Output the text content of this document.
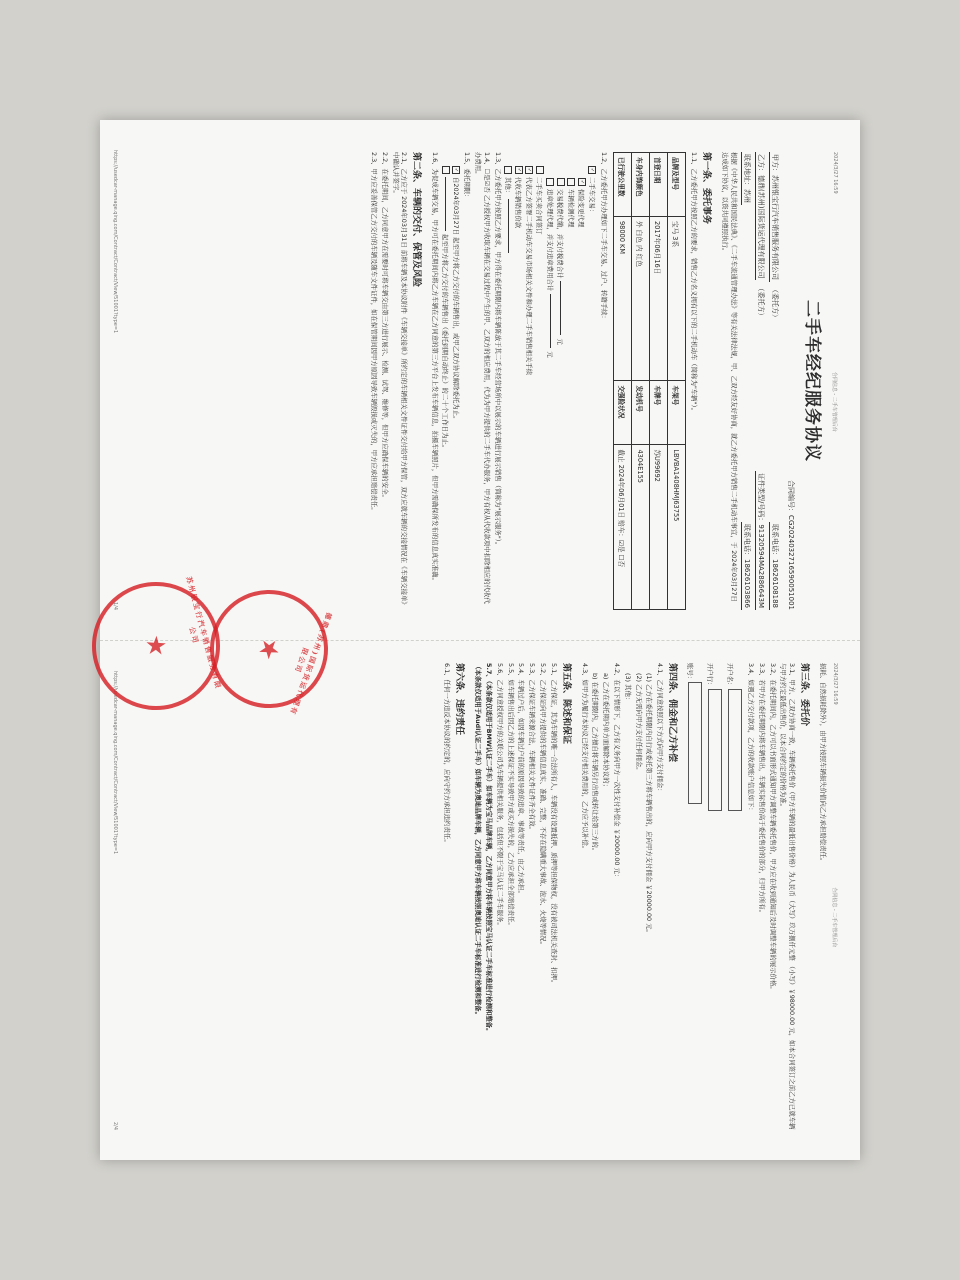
2024/3/27 16:59
合同信息 - 二手车管理后台
二手车经纪服务协议
合同编号：CG2024032716590051001
甲方：苏州银宝行汽车销售服务有限公司
（委托方）
联系电话：18626108188
乙方：德鼎(苏州)国际货运代理有限公司
（委托方）
证件类型/号码：91320594MA2886643M
联系地址：苏州
联系电话：18626103866

根据《中华人民共和国民法典》、《二手车流通管理办法》等有关法律法规，甲、乙双方经友好协商，就乙方委托甲方销售二手机动车事宜，于 2024年03月27日 达成如下协议，以资共同遵照执行。

第一条、委托事务

1.1、乙方委托甲方按照乙方的要求，销售乙方名义拥有以下的二手机动车（简称为"车辆"）。

品牌及型号	宝马 3系	车架号	LBVBA1408HMJ63755
首登日期	2017年06月16日	车牌号	苏U99692
车身内饰颜色	外 白色 内 红色	发动机号	4304E155
已行驶公里数	98000 KM	交强险状况	截止 2024年06月01日 赔车：☑是 ☐否

1.2、乙方委托甲方办理如下二手车交易、过户、转籍手续：

✓
二手车交易：
✓
保险变更代理
车辆检测代理
交易税费代缴，并支付税费合计
元
违章处理代理，并支付违章费用合计
元
二手车买卖合同签订
✓
代表乙方签署二手机动车交易市场相关文件和办理二手车销售相关手续
✓
代收车辆销售价款
其他：

1.3、乙方委托甲方按照乙方要求，甲方得在委托期限内将车辆陈放于其二手车经营场所中以展示的车辆进行展示销售（简称为"展示服务"）。

1.4、☐是☑否 乙方授权甲方收取车辆在交易过程中产生的甲、乙双方的相应费用，代为为甲方提供的二手车代办服务，甲方有权从代收款项中扣除相应的代收代办费用。

1.5、委托期限：

✓
自2024年03月27日 起至甲方将乙方交付的车辆售出，或甲乙双方协议解除委托为止。
起至甲方将乙方交付的车辆售出（委托到期自动终止）的二十个工作日为止。

1.6、为促成车辆交易，甲方可在委托期间内将乙方车辆在乙方同意的第三方平台上发布车辆信息，拍摄车辆照片，但甲方需确保所发布的信息真实准确。

第二条、车辆的交付、保管及风险

2.1、乙方应于 2024年03月31日 前将车辆及本协议附件《车辆交接单》所约定的车辆相关文件证件交付给甲方保管，双方应就车辆的交接情况在《车辆交接单》中确认并签字。

2.2、在委托期间，乙方同意甲方在需要时可将车辆交由第三方进行展示、检测、试驾、维修等，但甲方应确保车辆的安全。

2.3、甲方应妥善保管乙方交付的车辆及随车文件证件，如在保管期间因甲方原因导致车辆毁损或灭失的，甲方应承担赔偿责任。

https://usedcar-manage.qing.com/Contract/Contract/View/51001?type=1
1/4
2024/3/27 16:59
合同信息 - 二手车管理后台

损耗、自然损耗除外），由甲方按照车辆损失价值向乙方承担赔偿责任。

第三条、委托价

3.1、甲方、乙双方协商一致，车辆委托售价（甲方车辆的最低出售价格）为人民币（大写）玖万捌仟元整 （小写）￥98000.00 元，如本合同签订之前乙方已就车辆与甲方约定最低出售价，以本合同约定的价格为准。

3.2、在委托期间内，乙方可以书面形式通知甲方调整车辆委托售价，甲方应在收到通知后及时调整车辆的展示价格。

3.3、若甲方在委托期限内将车辆售出，车辆实际售价高于委托售价的部分，归甲方所有。

3.4、如遇乙方交付款项，乙方的收款账户信息如下：

开户名：
开户行：
账号：
第四条、佣金和乙方补偿

4.1、乙方同意按照以下方式向甲方支付佣金：

(1) 乙方在委托期限内自行或委托第三方将车辆售出的，应向甲方支付佣金 ￥20000.00 元。

(2) 乙方无需向甲方支付任何佣金。

(3) 其他：

4.2、在以下情形下，乙方有义务向甲方一次性支付补偿金 ￥20000.00 元：

a) 乙方在委托期内单方面解除本协议的；

b) 在委托期限内，乙方擅自将车辆另行出售或转让给第三方的。

4.3、如甲方为履行本协议已经支付相关费用的，乙方应予以补偿。

第五条、陈述和保证

5.1、乙方保证，其为车辆的唯一合法所有人，车辆没有设置抵押、质押等担保物权，没有被司法机关查封、扣押。

5.2、乙方保证向甲方提供的车辆信息真实、准确、完整，不存在隐瞒重大事故、泡水、火烧等情况。

5.3、乙方保证车辆来源合法，车辆相关文件证件齐全有效。

5.4、车辆过户后，如因车辆过户前的原因导致的违章、事故等责任，由乙方承担。

5.5、如车辆售出后因乙方的上述保证不实导致甲方或买方损失的，乙方应承担全部赔偿责任。

5.6、乙方同意授权甲方的关联公司为车辆提供相关服务，包括但不限于宝马认证二手车服务。

5.7、（本条款仅适用于BMW认证二手车）如车辆为宝马品牌车辆，乙方同意甲方将车辆按照宝马认证二手车标准进行检测和整备。

（本条款仅适用于Audi认证二手车）如车辆为奥迪品牌车辆，乙方同意甲方将车辆按照奥迪认证二手车标准进行检测和整备。

第六条、违约责任

6.1、任何一方违反本协议的约定的，应向守约方承担违约责任。

https://usedcar-manage.qing.com/Contract/Contract/View/51001?type=1
2/4
苏州银宝行汽车销售服务有限公司
★	德鼎(苏州)国际货运代理有限公司
★
